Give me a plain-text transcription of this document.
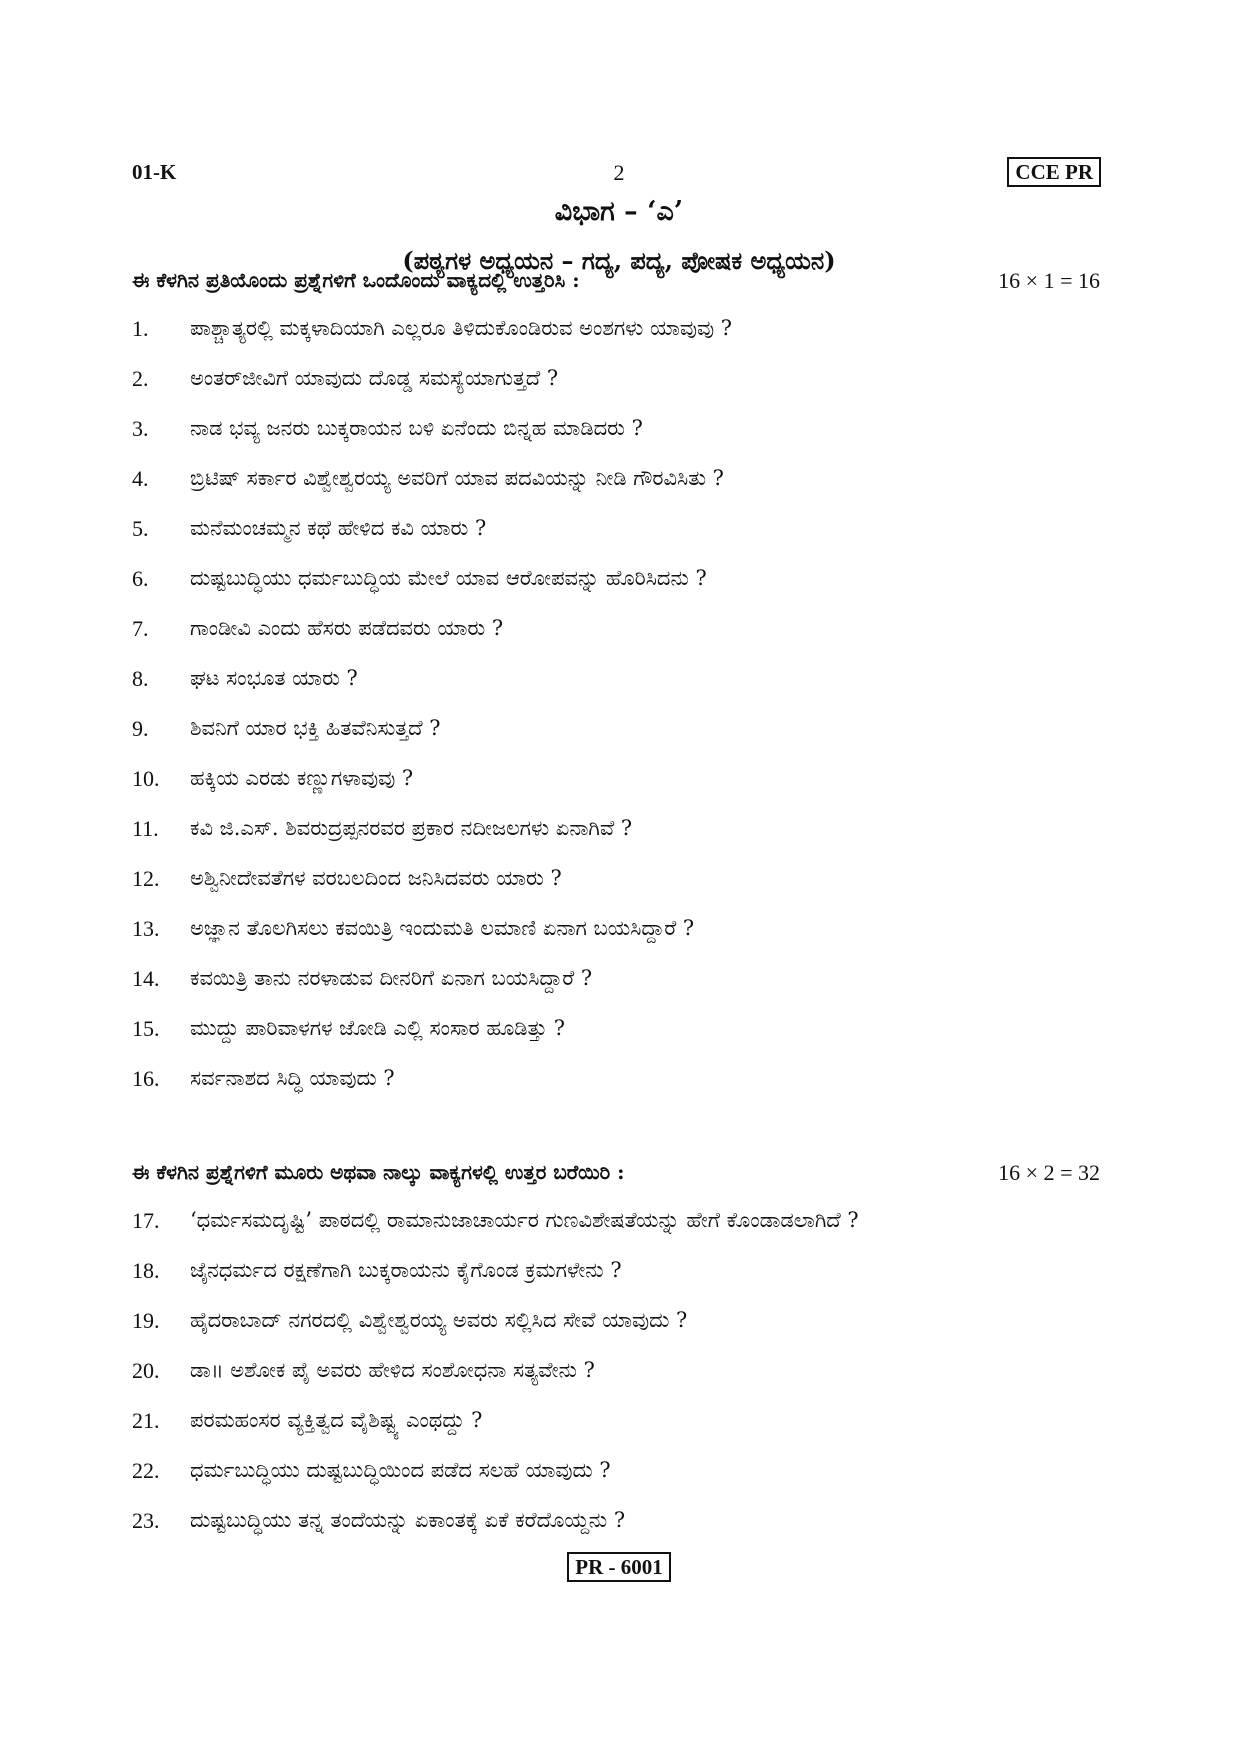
01-K	2	CCE PR
ವಿಭಾಗ – ‘ಎ’
(ಪಠ್ಯಗಳ ಅಧ್ಯಯನ – ಗದ್ಯ, ಪದ್ಯ, ಪೋಷಕ ಅಧ್ಯಯನ)
ಈ ಕೆಳಗಿನ ಪ್ರತಿಯೊಂದು ಪ್ರಶ್ನೆಗಳಿಗೆ ಒಂದೊಂದು ವಾಕ್ಯದಲ್ಲಿ ಉತ್ತರಿಸಿ :	16 × 1 = 16
1. ಪಾಶ್ಚಾತ್ಯರಲ್ಲಿ ಮಕ್ಕಳಾದಿಯಾಗಿ ಎಲ್ಲರೂ ತಿಳಿದುಕೊಂಡಿರುವ ಅಂಶಗಳು ಯಾವುವು ?
2. ಅಂತರ್‌ಜೀವಿಗೆ ಯಾವುದು ದೊಡ್ಡ ಸಮಸ್ಯೆಯಾಗುತ್ತದೆ ?
3. ನಾಡ ಭವ್ಯ ಜನರು ಬುಕ್ಕರಾಯನ ಬಳಿ ಏನೆಂದು ಬಿನ್ನಹ ಮಾಡಿದರು ?
4. ಬ್ರಿಟಿಷ್ ಸರ್ಕಾರ ವಿಶ್ವೇಶ್ವರಯ್ಯ ಅವರಿಗೆ ಯಾವ ಪದವಿಯನ್ನು ನೀಡಿ ಗೌರವಿಸಿತು ?
5. ಮನೆಮಂಚಮ್ಮನ ಕಥೆ ಹೇಳಿದ ಕವಿ ಯಾರು ?
6. ದುಷ್ಟಬುದ್ಧಿಯು ಧರ್ಮಬುದ್ಧಿಯ ಮೇಲೆ ಯಾವ ಆರೋಪವನ್ನು ಹೊರಿಸಿದನು ?
7. ಗಾಂಡೀವಿ ಎಂದು ಹೆಸರು ಪಡೆದವರು ಯಾರು ?
8. ಘಟ ಸಂಭೂತ ಯಾರು ?
9. ಶಿವನಿಗೆ ಯಾರ ಭಕ್ತಿ ಹಿತವೆನಿಸುತ್ತದೆ ?
10. ಹಕ್ಕಿಯ ಎರಡು ಕಣ್ಣುಗಳಾವುವು ?
11. ಕವಿ ಜಿ.ಎಸ್. ಶಿವರುದ್ರಪ್ಪನರವರ ಪ್ರಕಾರ ನದೀಜಲಗಳು ಏನಾಗಿವೆ ?
12. ಅಶ್ವಿನೀದೇವತೆಗಳ ವರಬಲದಿಂದ ಜನಿಸಿದವರು ಯಾರು ?
13. ಅಜ್ಞಾನ ತೊಲಗಿಸಲು ಕವಯಿತ್ರಿ ಇಂದುಮತಿ ಲಮಾಣಿ ಏನಾಗ ಬಯಸಿದ್ದಾರೆ ?
14. ಕವಯಿತ್ರಿ ತಾನು ನರಳಾಡುವ ದೀನರಿಗೆ ಏನಾಗ ಬಯಸಿದ್ದಾರೆ ?
15. ಮುದ್ದು ಪಾರಿವಾಳಗಳ ಜೋಡಿ ಎಲ್ಲಿ ಸಂಸಾರ ಹೂಡಿತ್ತು ?
16. ಸರ್ವನಾಶದ ಸಿದ್ಧಿ ಯಾವುದು ?
ಈ ಕೆಳಗಿನ ಪ್ರಶ್ನೆಗಳಿಗೆ ಮೂರು ಅಥವಾ ನಾಲ್ಕು ವಾಕ್ಯಗಳಲ್ಲಿ ಉತ್ತರ ಬರೆಯಿರಿ :	16 × 2 = 32
17. ‘ಧರ್ಮಸಮದೃಷ್ಟಿ’ ಪಾಠದಲ್ಲಿ ರಾಮಾನುಜಾಚಾರ್ಯರ ಗುಣವಿಶೇಷತೆಯನ್ನು ಹೇಗೆ ಕೊಂಡಾಡಲಾಗಿದೆ ?
18. ಜೈನಧರ್ಮದ ರಕ್ಷಣೆಗಾಗಿ ಬುಕ್ಕರಾಯನು ಕೈಗೊಂಡ ಕ್ರಮಗಳೇನು ?
19. ಹೈದರಾಬಾದ್ ನಗರದಲ್ಲಿ ವಿಶ್ವೇಶ್ವರಯ್ಯ ಅವರು ಸಲ್ಲಿಸಿದ ಸೇವೆ ಯಾವುದು ?
20. ಡಾ॥ ಅಶೋಕ ಪೈ ಅವರು ಹೇಳಿದ ಸಂಶೋಧನಾ ಸತ್ಯವೇನು ?
21. ಪರಮಹಂಸರ ವ್ಯಕ್ತಿತ್ವದ ವೈಶಿಷ್ಟ್ಯ ಎಂಥದ್ದು ?
22. ಧರ್ಮಬುದ್ಧಿಯು ದುಷ್ಟಬುದ್ಧಿಯಿಂದ ಪಡೆದ ಸಲಹೆ ಯಾವುದು ?
23. ದುಷ್ಟಬುದ್ಧಿಯು ತನ್ನ ತಂದೆಯನ್ನು ಏಕಾಂತಕ್ಕೆ ಏಕೆ ಕರೆದೊಯ್ದನು ?
PR - 6001
